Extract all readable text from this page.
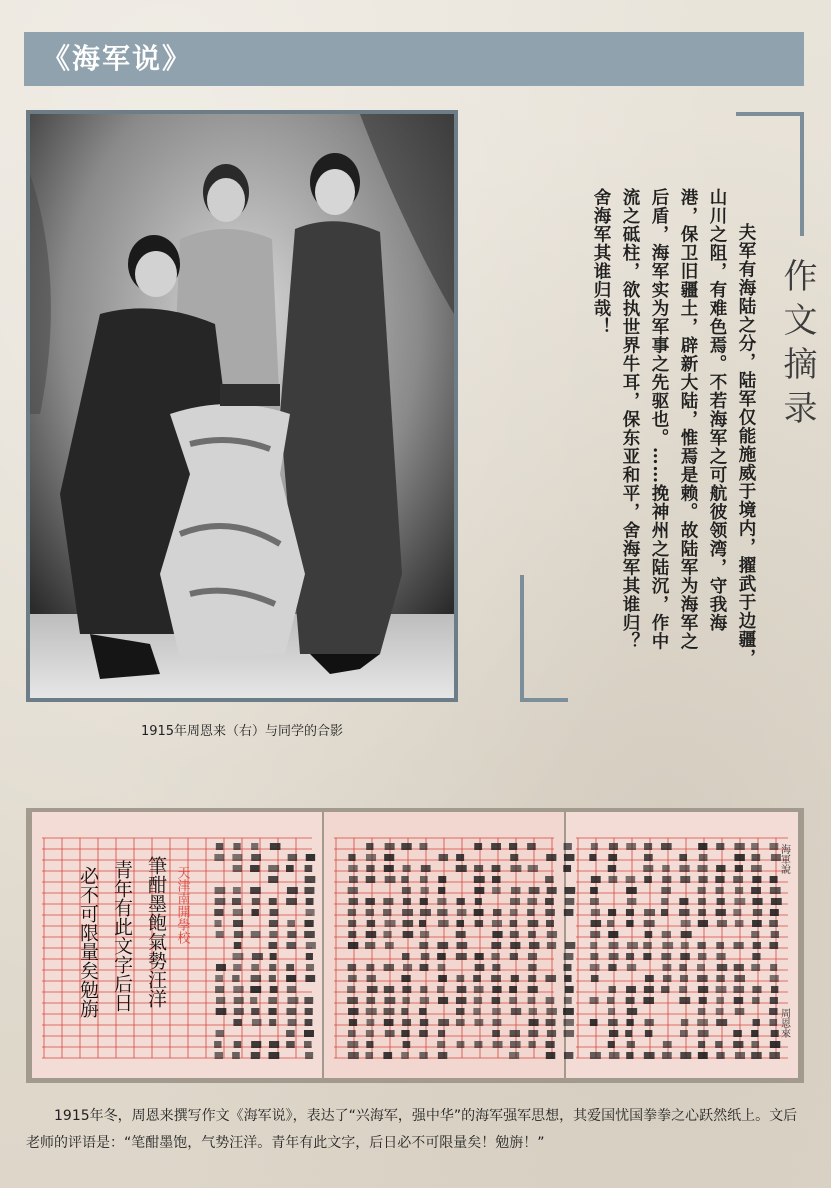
《海军说》
1915年周恩来（右）与同学的合影
作文摘录
夫军有海陆之分，陆军仅能施威于境内，擢武于边疆，山川之阻，有难色焉。不若海军之可航彼领湾，守我海港，保卫旧疆土，辟新大陆，惟焉是赖。故陆军为海军之后盾，海军实为军事之先驱也。……挽神州之陆沉，作中流之砥柱，欲执世界牛耳，保东亚和平，舍海军其谁归？舍海军其谁归哉！
天津南開學校
筆酣墨飽氣勢汪洋
青年有此文字后日
必不可限量矣勉旃
海軍說
周恩來
1915年冬，周恩来撰写作文《海军说》，表达了“兴海军，强中华”的海军强军思想，其爱国忧国拳拳之心跃然纸上。文后老师的评语是：“笔酣墨饱，气势汪洋。青年有此文字，后日必不可限量矣！勉旃！”
